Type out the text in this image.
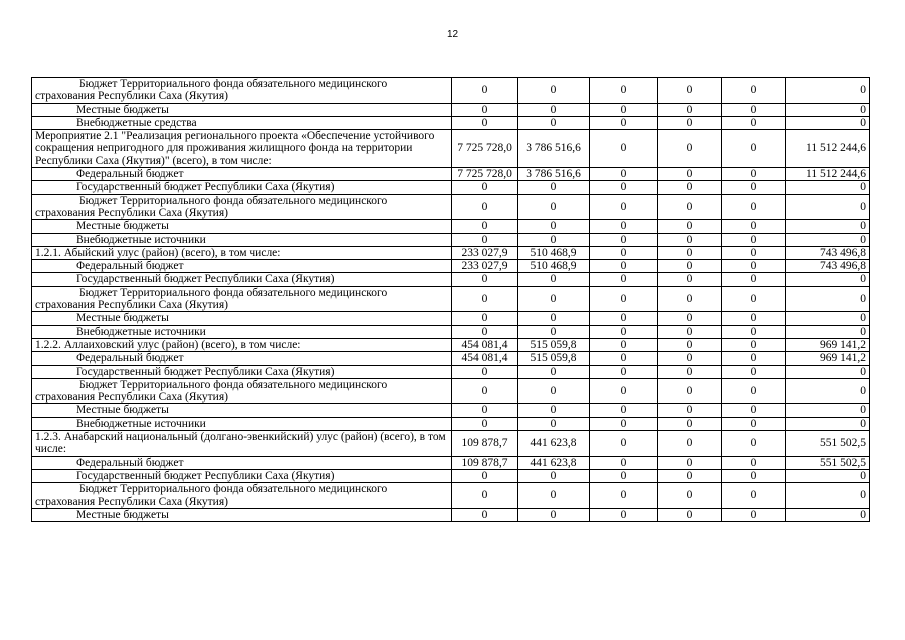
12
Бюджет Территориального фонда обязательного медицинского страхования Республики Саха (Якутия)	0	0	0	0	0	0
Местные бюджеты	0	0	0	0	0	0
Внебюджетные средства	0	0	0	0	0	0
Мероприятие 2.1 "Реализация регионального проекта «Обеспечение устойчивого сокращения непригодного для проживания жилищного фонда на территории Республики Саха (Якутия)" (всего), в том числе:	7 725 728,0	3 786 516,6	0	0	0	11 512 244,6
Федеральный бюджет	7 725 728,0	3 786 516,6	0	0	0	11 512 244,6
Государственный бюджет Республики Саха (Якутия)	0	0	0	0	0	0
Бюджет Территориального фонда обязательного медицинского страхования Республики Саха (Якутия)	0	0	0	0	0	0
Местные бюджеты	0	0	0	0	0	0
Внебюджетные источники	0	0	0	0	0	0
1.2.1. Абыйский улус (район) (всего), в том числе:	233 027,9	510 468,9	0	0	0	743 496,8
Федеральный бюджет	233 027,9	510 468,9	0	0	0	743 496,8
Государственный бюджет Республики Саха (Якутия)	0	0	0	0	0	0
Бюджет Территориального фонда обязательного медицинского страхования Республики Саха (Якутия)	0	0	0	0	0	0
Местные бюджеты	0	0	0	0	0	0
Внебюджетные источники	0	0	0	0	0	0
1.2.2. Аллаиховский улус (район) (всего), в том числе:	454 081,4	515 059,8	0	0	0	969 141,2
Федеральный бюджет	454 081,4	515 059,8	0	0	0	969 141,2
Государственный бюджет Республики Саха (Якутия)	0	0	0	0	0	0
Бюджет Территориального фонда обязательного медицинского страхования Республики Саха (Якутия)	0	0	0	0	0	0
Местные бюджеты	0	0	0	0	0	0
Внебюджетные источники	0	0	0	0	0	0
1.2.3. Анабарский национальный (долгано-эвенкийский) улус (район) (всего), в том числе:	109 878,7	441 623,8	0	0	0	551 502,5
Федеральный бюджет	109 878,7	441 623,8	0	0	0	551 502,5
Государственный бюджет Республики Саха (Якутия)	0	0	0	0	0	0
Бюджет Территориального фонда обязательного медицинского страхования Республики Саха (Якутия)	0	0	0	0	0	0
Местные бюджеты	0	0	0	0	0	0
